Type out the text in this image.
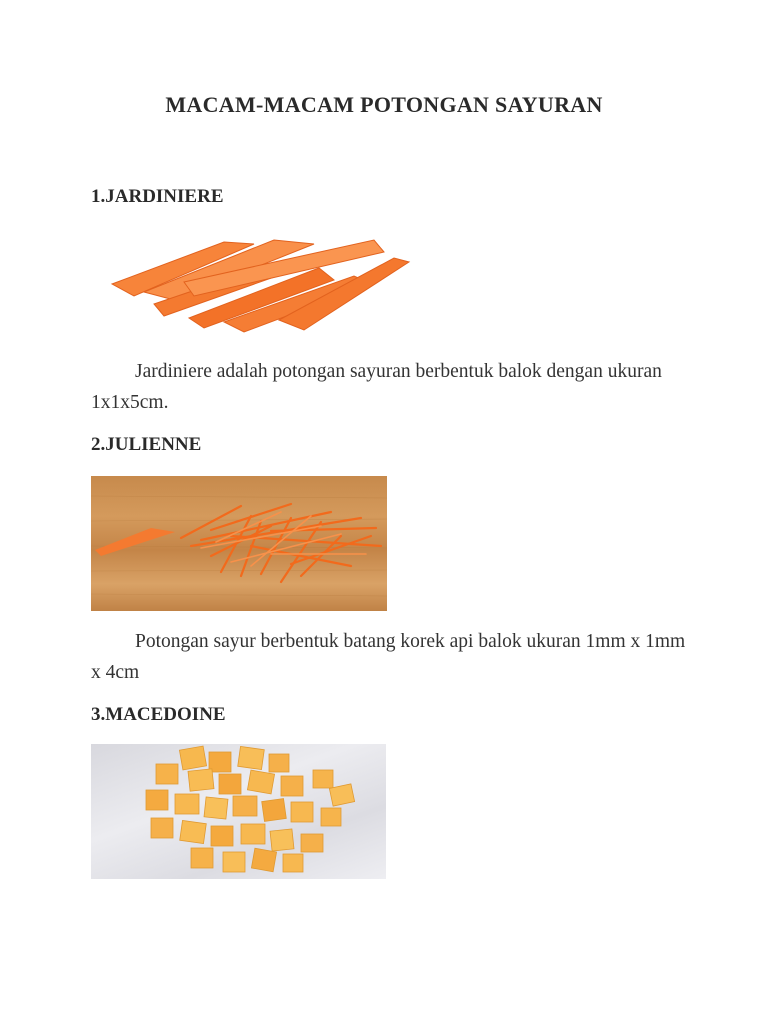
MACAM-MACAM POTONGAN SAYURAN
1.JARDINIERE
Jardiniere adalah potongan sayuran berbentuk balok dengan ukuran 1x1x5cm.
2.JULIENNE
Potongan sayur berbentuk batang korek api balok ukuran 1mm x 1mm x 4cm
3.MACEDOINE
